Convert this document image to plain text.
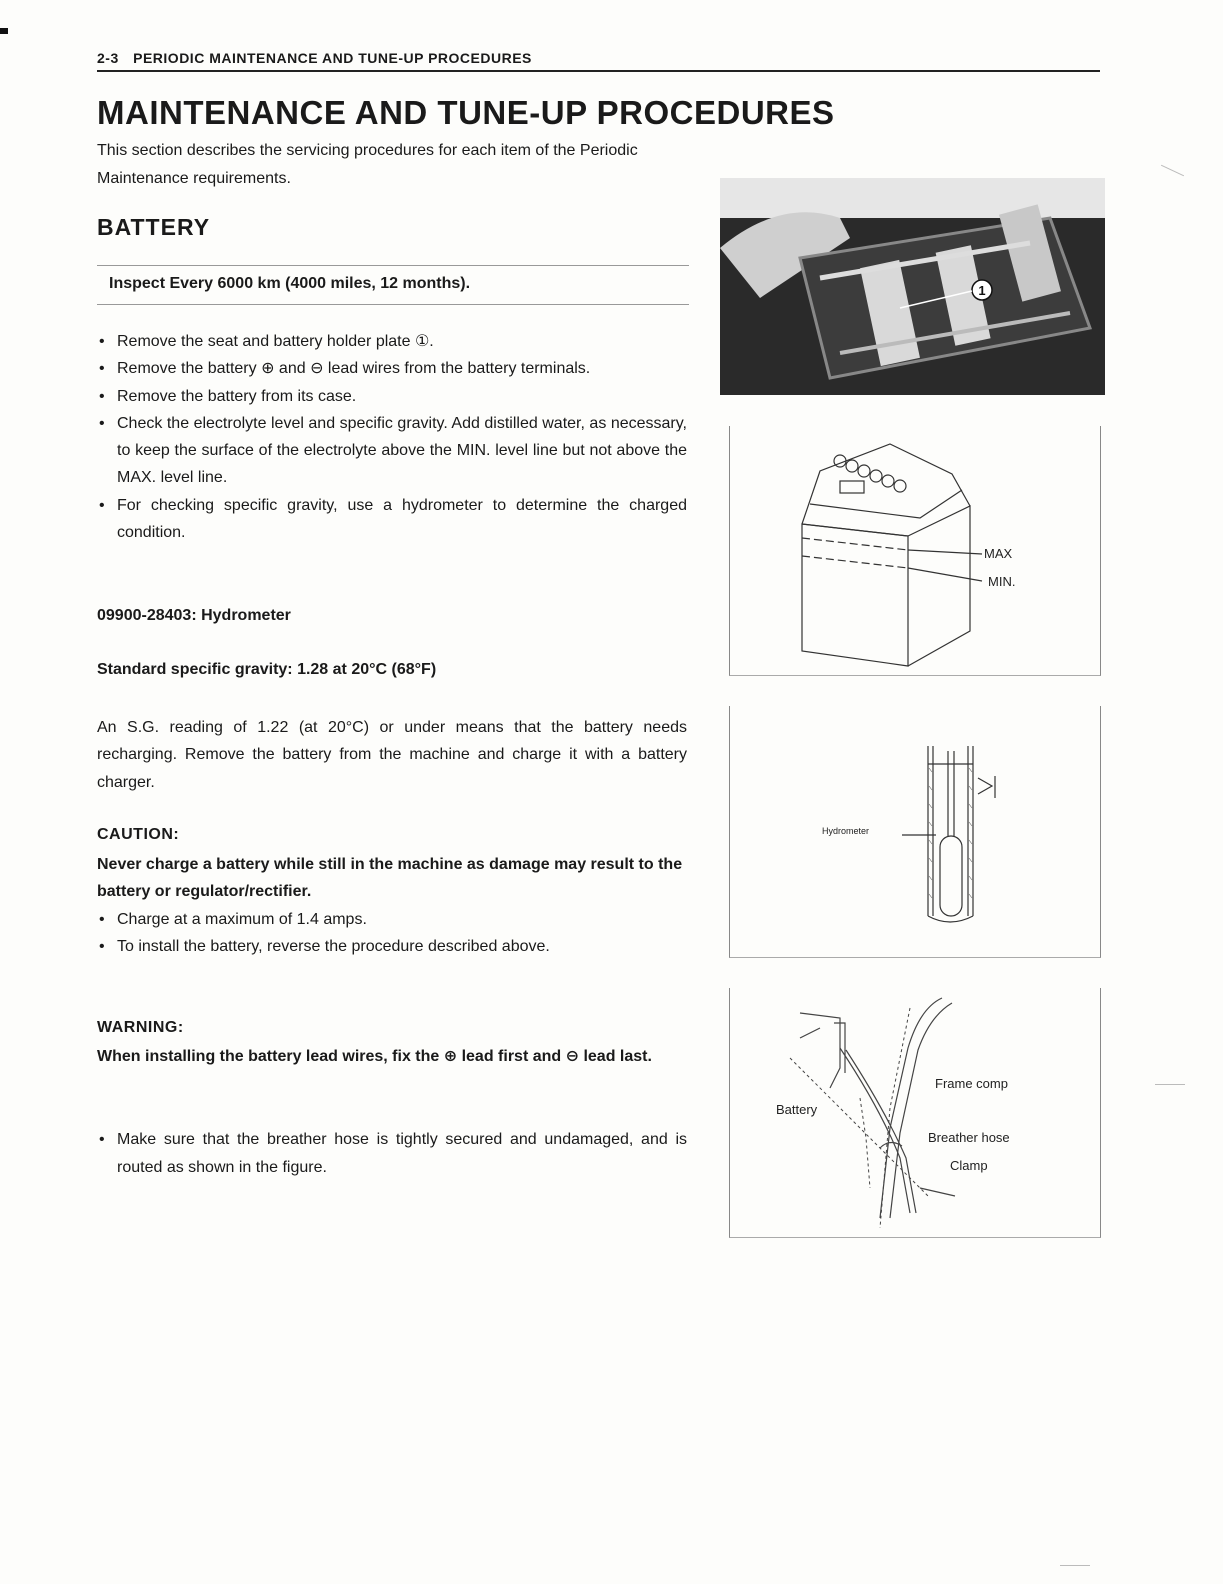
2-3 PERIODIC MAINTENANCE AND TUNE-UP PROCEDURES
MAINTENANCE AND TUNE-UP PROCEDURES

This section describes the servicing procedures for each item of the Periodic Maintenance requirements.

BATTERY
Inspect Every 6000 km (4000 miles, 12 months).
• Remove the seat and battery holder plate ①.
• Remove the battery ⊕ and ⊖ lead wires from the battery terminals.
• Remove the battery from its case.
• Check the electrolyte level and specific gravity. Add distilled water, as necessary, to keep the surface of the electrolyte above the MIN. level line but not above the MAX. level line.
• For checking specific gravity, use a hydrometer to determine the charged condition.

09900-28403: Hydrometer

Standard specific gravity: 1.28 at 20°C (68°F)

An S.G. reading of 1.22 (at 20°C) or under means that the battery needs recharging. Remove the battery from the machine and charge it with a battery charger.

CAUTION:

Never charge a battery while still in the machine as damage may result to the battery or regulator/rectifier.

• Charge at a maximum of 1.4 amps.
• To install the battery, reverse the procedure described above.

WARNING:

When installing the battery lead wires, fix the ⊕ lead first and ⊖ lead last.

• Make sure that the breather hose is tightly secured and undamaged, and is routed as shown in the figure.
1
MAX
MIN.
Hydrometer
Frame comp
Battery
Breather hose
Clamp
